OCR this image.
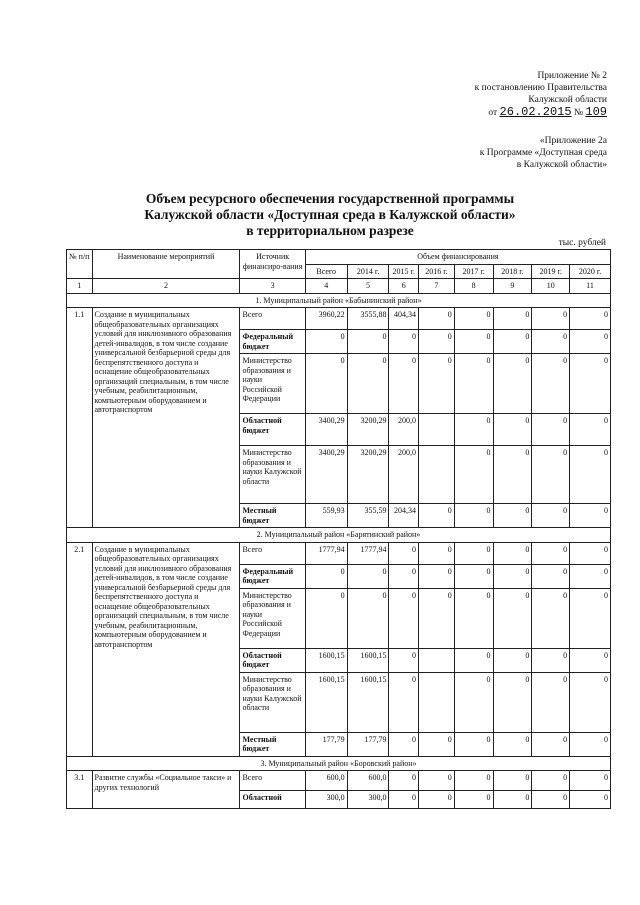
Приложение № 2
к постановлению Правительства
Калужской области
от 26.02.2015 № 109
«Приложение 2а
к Программе «Доступная среда
в Калужской области»
Объем ресурсного обеспечения государственной программы
Калужской области «Доступная среда в Калужской области»
в территориальном разрезе
тыс. рублей
№ п/п	Наименование мероприятий	Источник финансиро-вания	Объем финансирования							
			Всего	2014 г.	2015 г.	2016 г.	2017 г.	2018 г.	2019 г.	2020 г.
1	2	3	4	5	6	7	8	9	10	11
1. Муниципальный район «Бабынинский район»										
1.1	Создание в муниципальных общеобразовательных организациях условий для инклюзивного образования детей-инвалидов, в том числе создание универсальной безбарьерной среды для беспрепятственного доступа и оснащение общеобразовательных организаций специальным, в том числе учебным, реабилитационным, компьютерным оборудованием и автотранспортом	Всего	3960,22	3555,88	404,34	0	0	0	0	0
		Федеральный бюджет	0	0	0	0	0	0	0	0
		Министерство образования и науки Российской Федерации	0	0	0	0	0	0	0	0
		Областной бюджет	3400,29	3200,29	200,0		0	0	0	0
		Министерство образования и науки Калужской области	3400,29	3200,29	200,0		0	0	0	0
		Местный бюджет	559,93	355,59	204,34	0	0	0	0	0
2. Муниципальный район «Барятинский район»										
2.1	Создание в муниципальных общеобразовательных организациях условий для инклюзивного образования детей-инвалидов, в том числе создание универсальной безбарьерной среды для беспрепятственного доступа и оснащение общеобразовательных организаций специальным, в том числе учебным, реабилитационным, компьютерным оборудованием и автотранспортом	Всего	1777,94	1777,94	0	0	0	0	0	0
		Федеральный бюджет	0	0	0	0	0	0	0	0
		Министерство образования и науки Российской Федерации	0	0	0	0	0	0	0	0
		Областной бюджет	1600,15	1600,15	0		0	0	0	0
		Министерство образования и науки Калужской области	1600,15	1600,15	0		0	0	0	0
		Местный бюджет	177,79	177,79	0	0	0	0	0	0
3. Муниципальный район «Боровский район»										
3.1	Развитие службы «Социальное такси» и других технологий	Всего	600,0	600,0	0	0	0	0	0	0
		Областной	300,0	300,0	0	0	0	0	0	0
